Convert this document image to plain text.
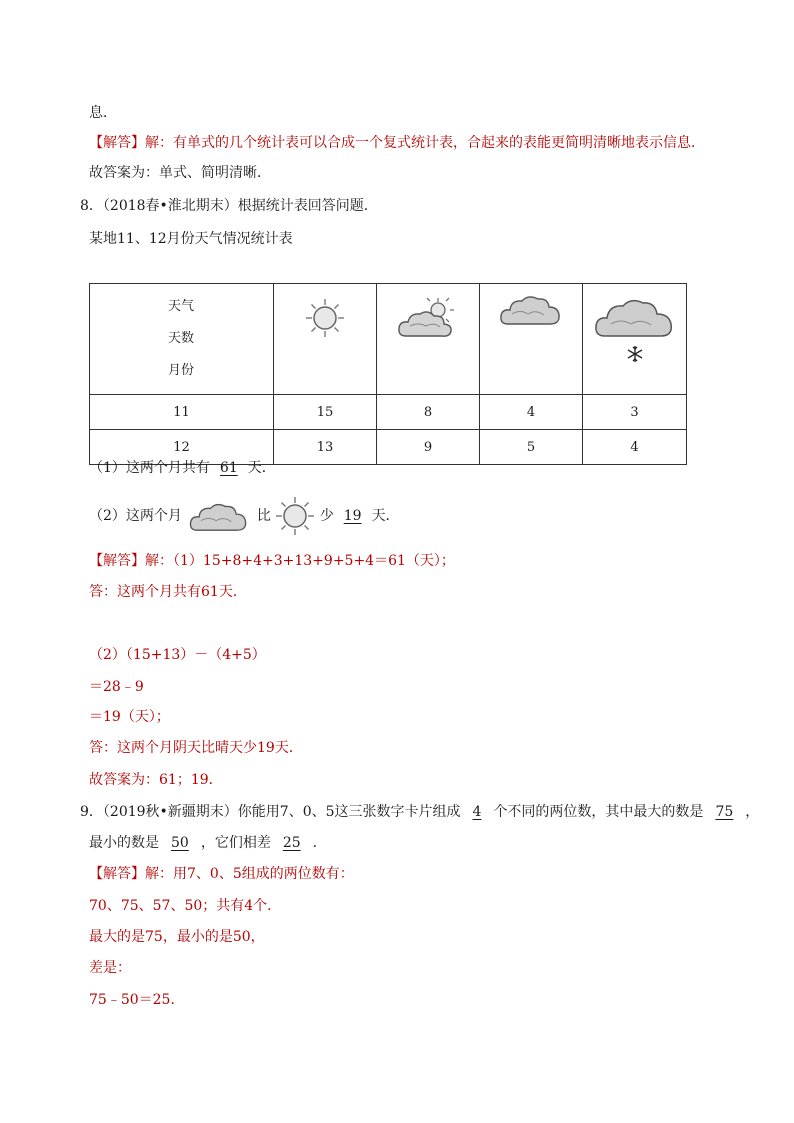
息．
【解答】解：有单式的几个统计表可以合成一个复式统计表，合起来的表能更简明清晰地表示信息．
故答案为：单式、简明清晰．
8．（2018春•淮北期末）根据统计表回答问题．
某地11、12月份天气情况统计表
天气
天数
月份

11	15	8	4	3
12	13	9	5	4
（1）这两个月共有 61 天．
（2）这两个月	比	少 19 天．
【解答】解：（1）15+8+4+3+13+9+5+4＝61（天）；
答：这两个月共有61天．
（2）（15+13）－（4+5）
＝28﹣9
＝19（天）；
答：这两个月阴天比晴天少19天．
故答案为：61；19．
9．（2019秋•新疆期末）你能用7、0、5这三张数字卡片组成 4 个不同的两位数，其中最大的数是 75 ，
最小的数是 50 ，它们相差 25 ．
【解答】解：用7、0、5组成的两位数有：
70、75、57、50；共有4个．
最大的是75，最小的是50，
差是：
75﹣50＝25．
